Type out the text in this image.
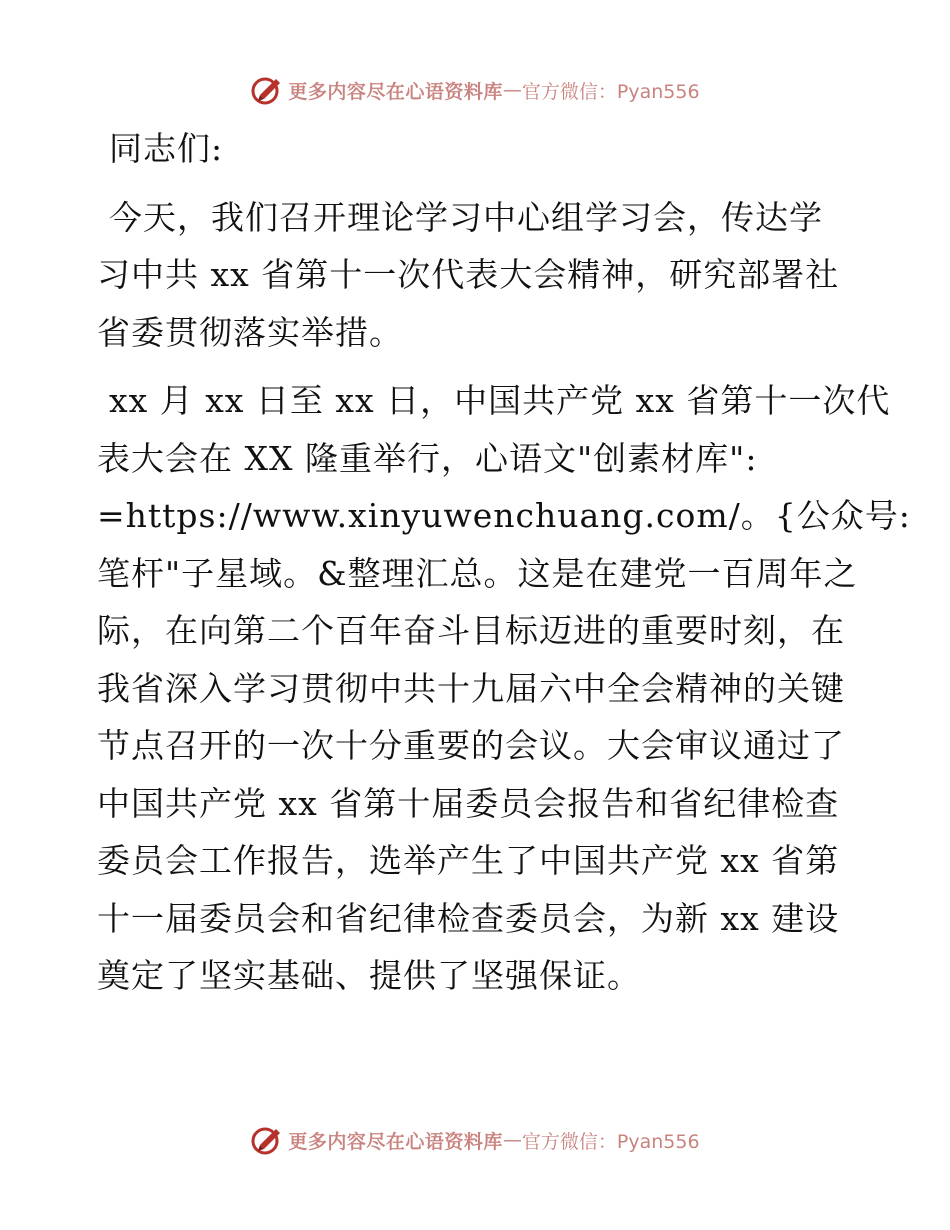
更多内容尽在心语资料库 — 官方微信：Pyan556
同志们:
今天，我们召开理论学习中心组学习会，传达学
习中共 xx 省第十一次代表大会精神，研究部署社
省委贯彻落实举措。
xx 月 xx 日至 xx 日，中国共产党 xx 省第十一次代
表大会在 XX 隆重举行，心语文"创素材库":
=https://www.xinyuwenchuang.com/。{公众号:
笔杆"子星域。&整理汇总。这是在建党一百周年之
际，在向第二个百年奋斗目标迈进的重要时刻，在
我省深入学习贯彻中共十九届六中全会精神的关键
节点召开的一次十分重要的会议。大会审议通过了
中国共产党 xx 省第十届委员会报告和省纪律检查
委员会工作报告，选举产生了中国共产党 xx 省第
十一届委员会和省纪律检查委员会，为新 xx 建设
奠定了坚实基础、提供了坚强保证。
更多内容尽在心语资料库 — 官方微信：Pyan556
